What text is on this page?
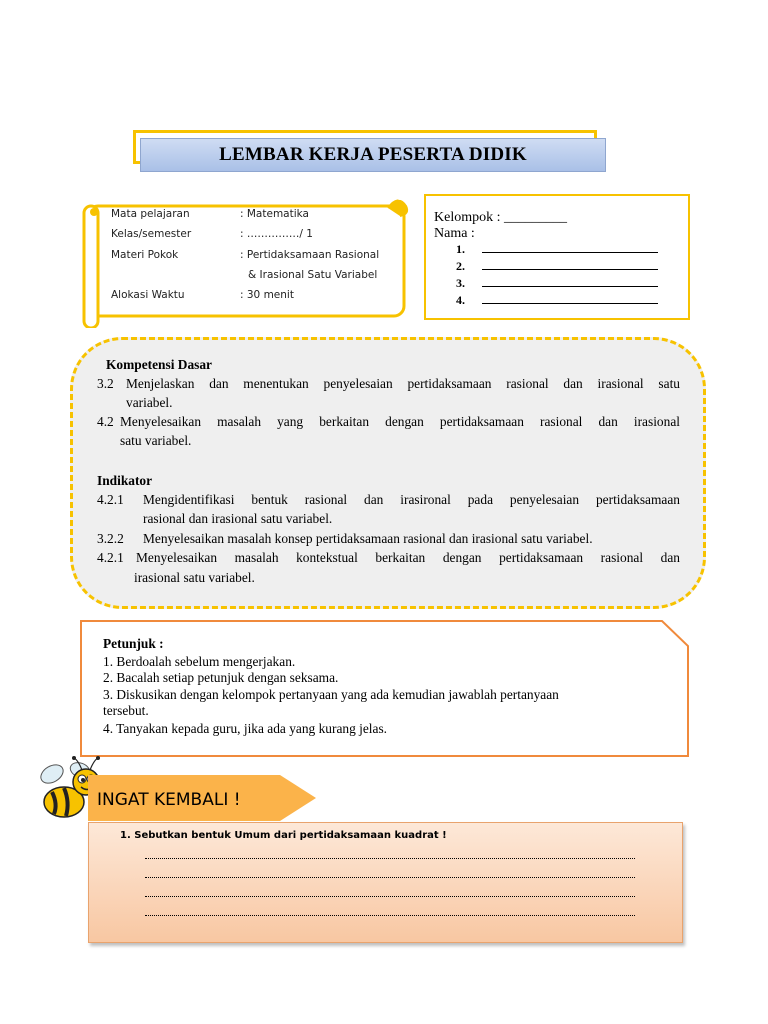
LEMBAR KERJA PESERTA DIDIK
Mata pelajaran	: Matematika
Kelas/semester	: ……………/ 1
Materi Pokok	: Pertidaksamaan Rasional
& Irasional Satu Variabel
Alokasi Waktu	: 30 menit
Kelompok : _________
Nama :
1.
2.
3.
4.
Kompetensi Dasar
3.2 Menjelaskan dan menentukan penyelesaian pertidaksamaan rasional dan irasional satu
variabel.
4.2 Menyelesaikan masalah yang berkaitan dengan pertidaksamaan rasional dan irasional
satu variabel.
Indikator
4.2.1 Mengidentifikasi bentuk rasional dan irasironal pada penyelesaian pertidaksamaan
rasional dan irasional satu variabel.
3.2.2 Menyelesaikan masalah konsep pertidaksamaan rasional dan irasional satu variabel.
4.2.1 Menyelesaikan masalah kontekstual berkaitan dengan pertidaksamaan rasional dan
irasional satu variabel.
Petunjuk :
1. Berdoalah sebelum mengerjakan.
2. Bacalah setiap petunjuk dengan seksama.
3. Diskusikan dengan kelompok pertanyaan yang ada kemudian jawablah pertanyaan
tersebut.
4. Tanyakan kepada guru, jika ada yang kurang jelas.
INGAT KEMBALI !
1. Sebutkan bentuk Umum dari pertidaksamaan kuadrat !
